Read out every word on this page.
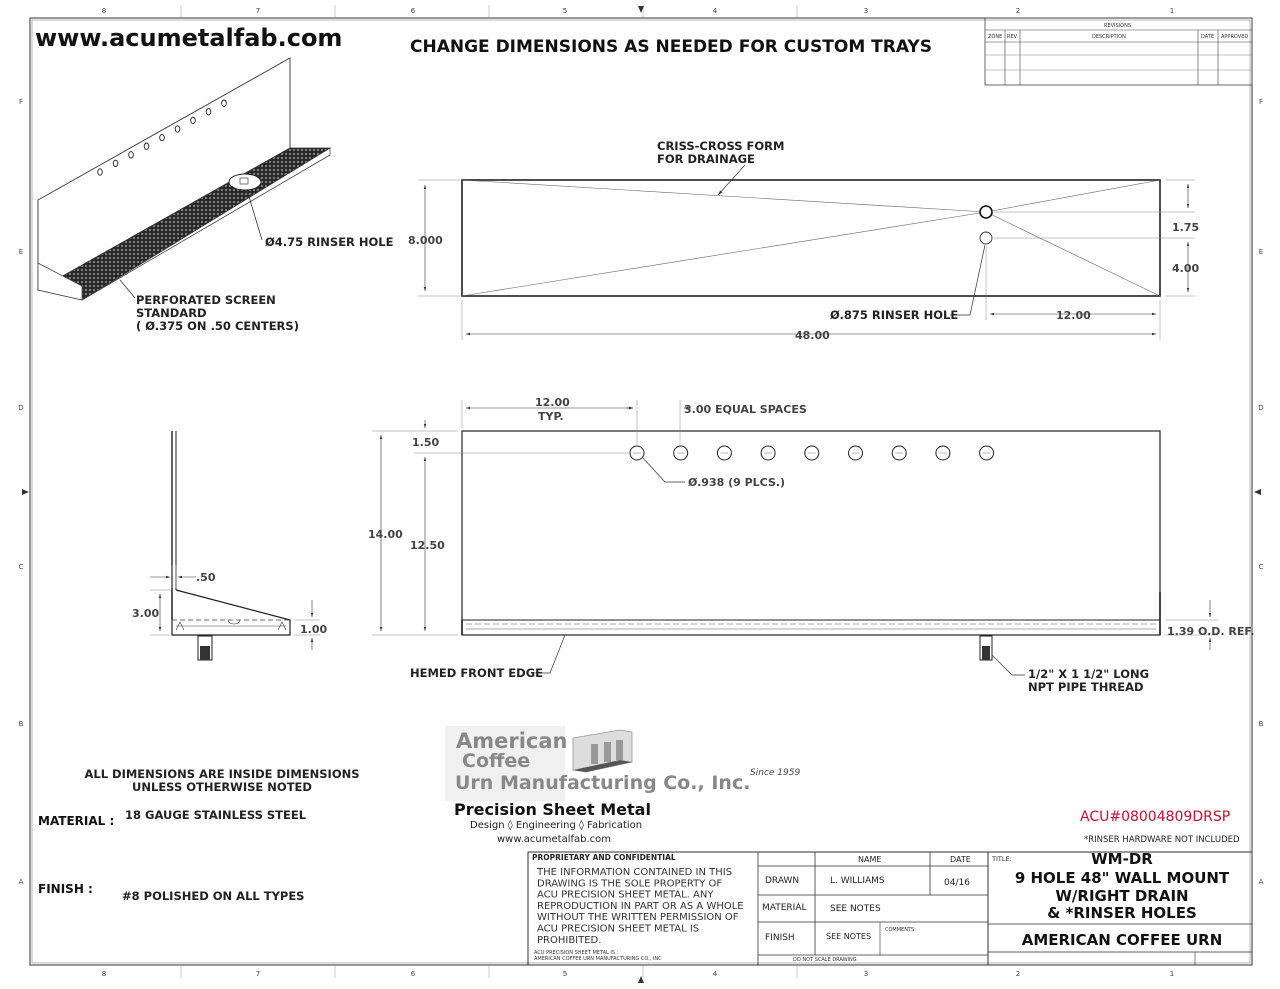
8
8
7
7
6
6
5
5
4
4
3
3
2
2
1
1
F	F
E	E
D	D
C	C
B	B
A	A
www.acumetalfab.com	CHANGE DIMENSIONS AS NEEDED FOR CUSTOM TRAYS
REVISIONS
ZONE REV.	DESCRIPTION	DATE APPROVED
Ø4.75 RINSER HOLE
PERFORATED SCREEN
STANDARD
( Ø.375 ON .50 CENTERS)
CRISS-CROSS FORM
FOR DRAINAGE
8.000
48.00
Ø.875 RINSER HOLE	12.00
1.75
4.00
12.00
TYP.
3.00 EQUAL SPACES
Ø.938 (9 PLCS.)
1.50
14.00
12.50
1.39 O.D. REF.
HEMED FRONT EDGE	1/2" X 1 1/2" LONG
NPT PIPE THREAD
.50
3.00
1.00
ALL DIMENSIONS ARE INSIDE DIMENSIONS
UNLESS OTHERWISE NOTED
MATERIAL : 18 GAUGE STAINLESS STEEL
FINISH :	#8 POLISHED ON ALL TYPES
American
Coffee
Urn Manufacturing Co., Inc. Since 1959
Precision Sheet Metal
Design ◊ Engineering ◊ Fabrication
www.acumetalfab.com
ACU#08004809DRSP
*RINSER HARDWARE NOT INCLUDED
PROPRIETARY AND CONFIDENTIAL
THE INFORMATION CONTAINED IN THIS
DRAWING IS THE SOLE PROPERTY OF
ACU PRECISION SHEET METAL. ANY
REPRODUCTION IN PART OR AS A WHOLE
WITHOUT THE WRITTEN PERMISSION OF
ACU PRECISION SHEET METAL IS
PROHIBITED.
ACU PRECISION SHEET METAL IS :
AMERICAN COFFEE URN MANUFACTURING CO., INC
NAME	DATE
DRAWN	L. WILLIAMS	04/16
MATERIAL	SEE NOTES
FINISH	SEE NOTES
COMMENTS:
DO NOT SCALE DRAWING
TITLE:	WM-DR
9 HOLE 48" WALL MOUNT
W/RIGHT DRAIN
& *RINSER HOLES
AMERICAN COFFEE URN
